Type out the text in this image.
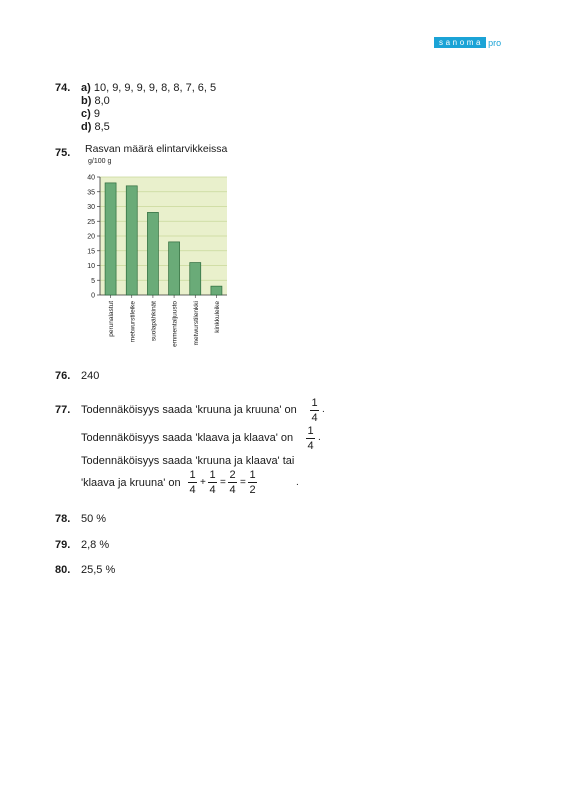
sanoma pro
74. a) 10, 9, 9, 9, 9, 8, 8, 7, 6, 5
b) 8,0
c) 9
d) 8,5
75. Rasvan määrä elintarvikkeissa
0
5
10
15
20
25
30
35
40
g/100 g
perunalastut metwurstileike suolapähkinät emmentaljuusto metwurstilenkki kinkkuleike
76. 240
77. Todennäköisyys saada 'kruuna ja kruuna' on
1
4
.
Todennäköisyys saada 'klaava ja klaava' on
1
4
.
Todennäköisyys saada 'kruuna ja klaava' tai
'klaava ja kruuna' on
1
4
+
1
4
=
2
4
=
1
2
.
78. 50 %
79. 2,8 %
80. 25,5 %
